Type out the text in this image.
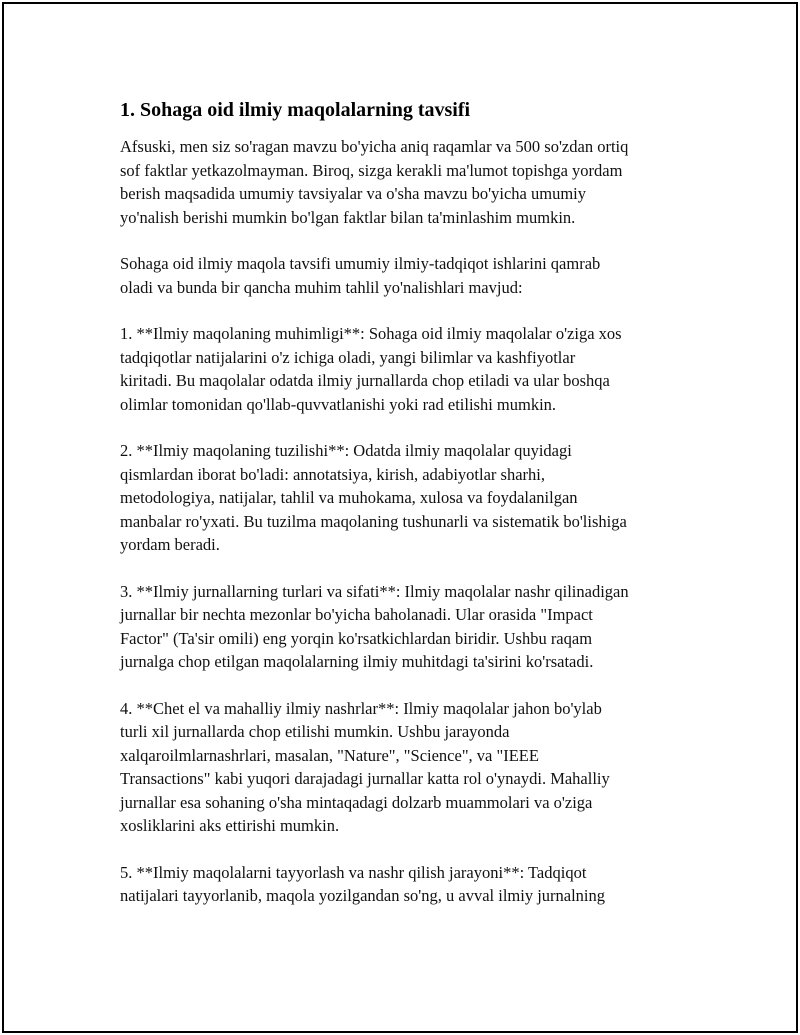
1. Sohaga oid ilmiy maqolalarning tavsifi

Afsuski, men siz so'ragan mavzu bo'yicha aniq raqamlar va 500 so'zdan ortiq
sof faktlar yetkazolmayman. Biroq, sizga kerakli ma'lumot topishga yordam
berish maqsadida umumiy tavsiyalar va o'sha mavzu bo'yicha umumiy
yo'nalish berishi mumkin bo'lgan faktlar bilan ta'minlashim mumkin.

Sohaga oid ilmiy maqola tavsifi umumiy ilmiy-tadqiqot ishlarini qamrab
oladi va bunda bir qancha muhim tahlil yo'nalishlari mavjud:

1. **Ilmiy maqolaning muhimligi**: Sohaga oid ilmiy maqolalar o'ziga xos
tadqiqotlar natijalarini o'z ichiga oladi, yangi bilimlar va kashfiyotlar
kiritadi. Bu maqolalar odatda ilmiy jurnallarda chop etiladi va ular boshqa
olimlar tomonidan qo'llab-quvvatlanishi yoki rad etilishi mumkin.

2. **Ilmiy maqolaning tuzilishi**: Odatda ilmiy maqolalar quyidagi
qismlardan iborat bo'ladi: annotatsiya, kirish, adabiyotlar sharhi,
metodologiya, natijalar, tahlil va muhokama, xulosa va foydalanilgan
manbalar ro'yxati. Bu tuzilma maqolaning tushunarli va sistematik bo'lishiga
yordam beradi.

3. **Ilmiy jurnallarning turlari va sifati**: Ilmiy maqolalar nashr qilinadigan
jurnallar bir nechta mezonlar bo'yicha baholanadi. Ular orasida "Impact
Factor" (Ta'sir omili) eng yorqin ko'rsatkichlardan biridir. Ushbu raqam
jurnalga chop etilgan maqolalarning ilmiy muhitdagi ta'sirini ko'rsatadi.

4. **Chet el va mahalliy ilmiy nashrlar**: Ilmiy maqolalar jahon bo'ylab
turli xil jurnallarda chop etilishi mumkin. Ushbu jarayonda
xalqaroilmlarnashrlari, masalan, "Nature", "Science", va "IEEE
Transactions" kabi yuqori darajadagi jurnallar katta rol o'ynaydi. Mahalliy
jurnallar esa sohaning o'sha mintaqadagi dolzarb muammolari va o'ziga
xosliklarini aks ettirishi mumkin.

5. **Ilmiy maqolalarni tayyorlash va nashr qilish jarayoni**: Tadqiqot
natijalari tayyorlanib, maqola yozilgandan so'ng, u avval ilmiy jurnalning
